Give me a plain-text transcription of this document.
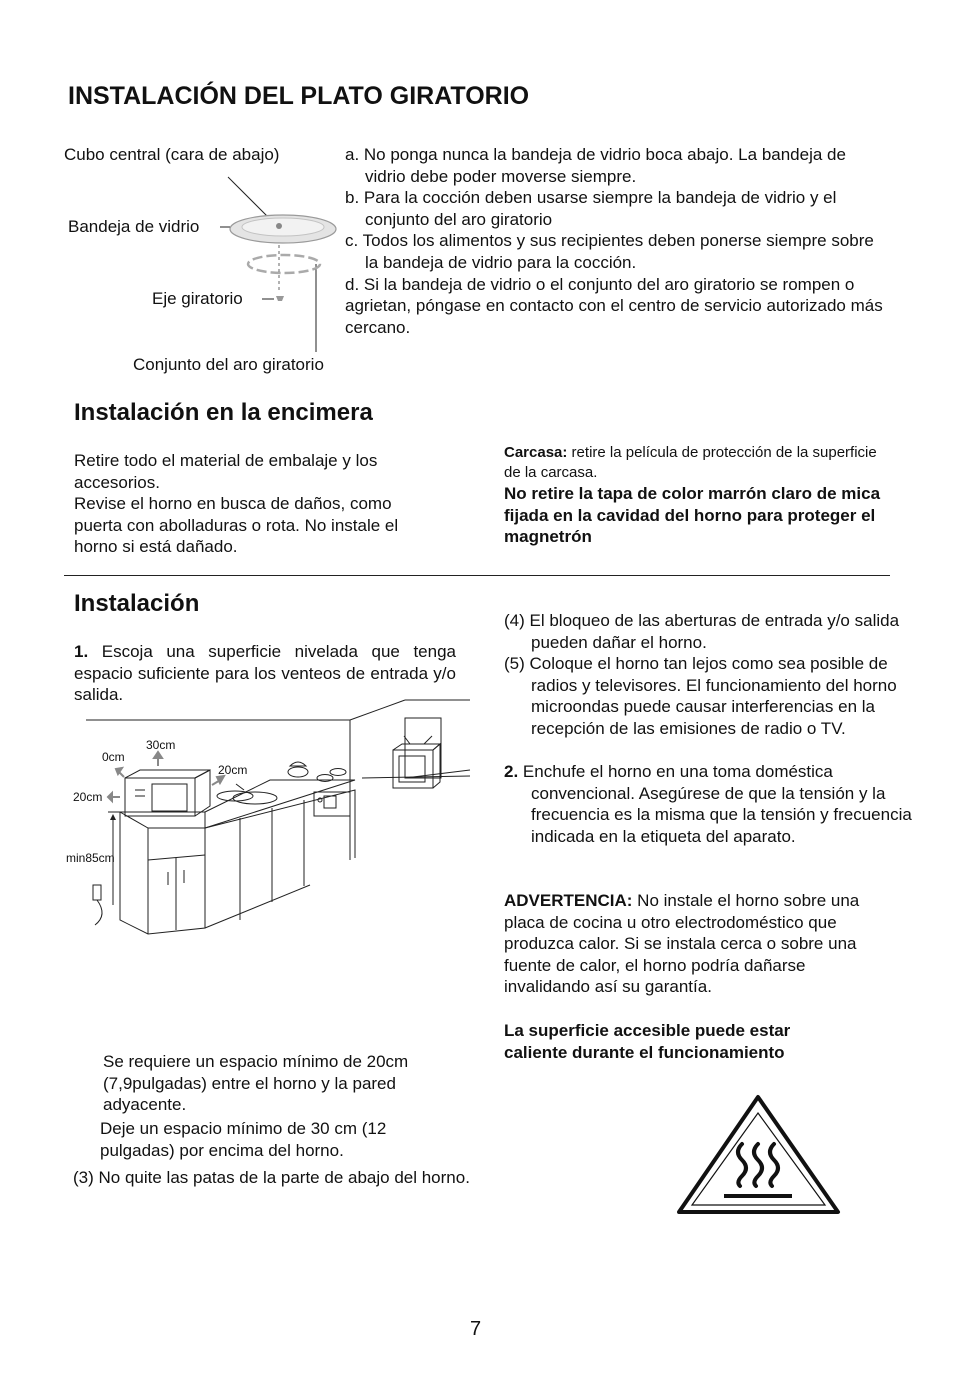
INSTALACIÓN DEL PLATO GIRATORIO
Cubo central (cara de abajo)
Bandeja de vidrio
Eje giratorio
Conjunto del aro giratorio
a. No ponga nunca la bandeja de vidrio boca abajo. La bandeja de vidrio debe poder moverse siempre.
b. Para la cocción deben usarse siempre la bandeja de vidrio y el conjunto del aro giratorio
c. Todos los alimentos y sus recipientes deben ponerse siempre sobre la bandeja de vidrio para la cocción.
d. Si la bandeja de vidrio o el conjunto del aro giratorio se rompen o agrietan, póngase en contacto con el centro de servicio autorizado más cercano.
Instalación en la encimera
Retire todo el material de embalaje y los accesorios.
Revise el horno en busca de daños, como puerta con abolladuras o rota. No instale el horno si está dañado.
Carcasa: retire la película de protección de la superficie de la carcasa.
No retire la tapa de color marrón claro de mica fijada en la cavidad del horno para proteger el magnetrón
Instalación
1. Escoja una superficie nivelada que tenga espacio suficiente para los venteos de entrada y/o salida.
30cm
0cm
20cm
20cm
min85cm
Se requiere un espacio mínimo de 20cm (7,9pulgadas) entre el horno y la pared adyacente.
Deje un espacio mínimo de 30 cm (12 pulgadas) por encima del horno.
(3) No quite las patas de la parte de abajo del horno.
(4) El bloqueo de las aberturas de entrada y/o salida pueden dañar el horno.
(5) Coloque el horno tan lejos como sea posible de radios y televisores. El funcionamiento del horno microondas puede causar interferencias en la recepción de las emisiones de radio o TV.
2. Enchufe el horno en una toma doméstica convencional. Asegúrese de que la tensión y la frecuencia es la misma que la tensión y frecuencia indicada en la etiqueta del aparato.
ADVERTENCIA: No instale el horno sobre una placa de cocina u otro electrodoméstico que produzca calor. Si se instala cerca o sobre una fuente de calor, el horno podría dañarse invalidando así su garantía.
La superficie accesible puede estar caliente durante el funcionamiento
7
